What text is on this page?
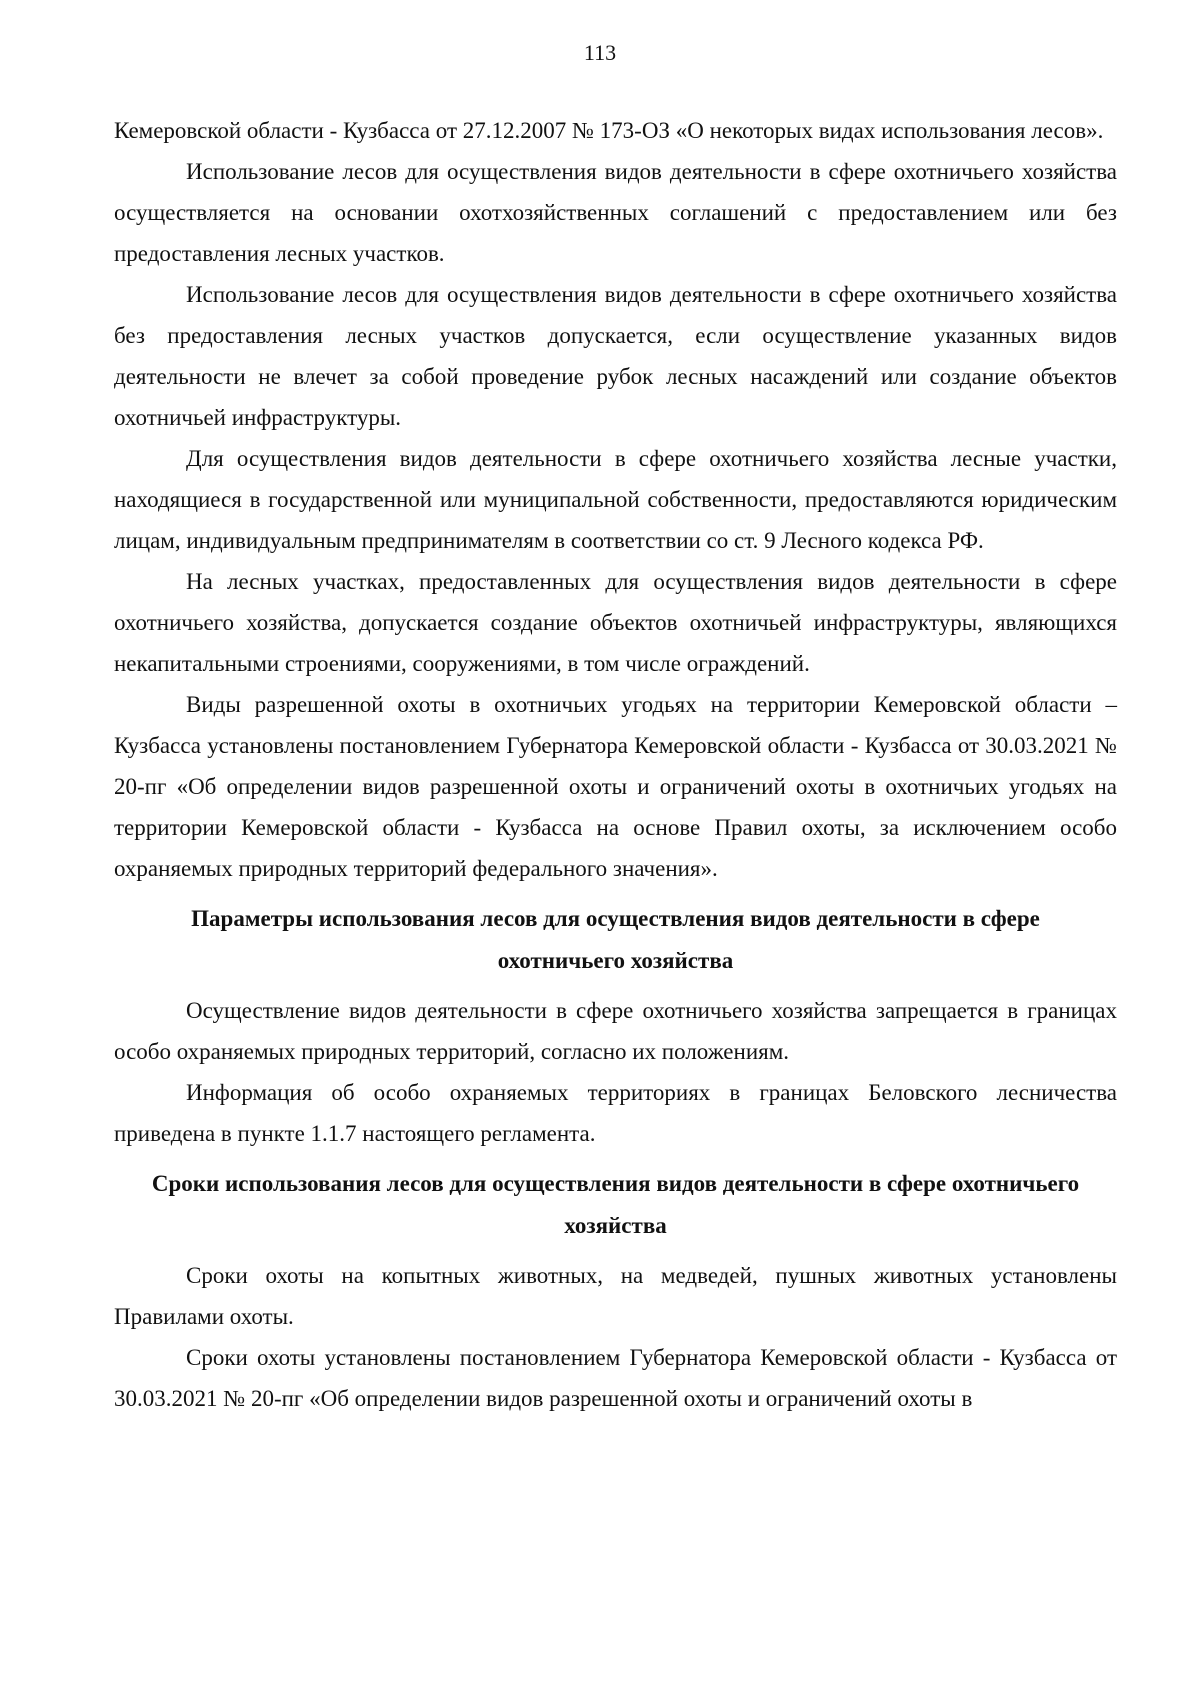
113

Кемеровской области - Кузбасса от 27.12.2007 № 173-ОЗ «О некоторых видах использования лесов».

Использование лесов для осуществления видов деятельности в сфере охотничьего хозяйства осуществляется на основании охотхозяйственных соглашений с предоставлением или без предоставления лесных участков.

Использование лесов для осуществления видов деятельности в сфере охотничьего хозяйства без предоставления лесных участков допускается, если осуществление указанных видов деятельности не влечет за собой проведение рубок лесных насаждений или создание объектов охотничьей инфраструктуры.

Для осуществления видов деятельности в сфере охотничьего хозяйства лесные участки, находящиеся в государственной или муниципальной собственности, предоставляются юридическим лицам, индивидуальным предпринимателям в соответствии со ст. 9 Лесного кодекса РФ.

На лесных участках, предоставленных для осуществления видов деятельности в сфере охотничьего хозяйства, допускается создание объектов охотничьей инфраструктуры, являющихся некапитальными строениями, сооружениями, в том числе ограждений.

Виды разрешенной охоты в охотничьих угодьях на территории Кемеровской области – Кузбасса установлены постановлением Губернатора Кемеровской области - Кузбасса от 30.03.2021 № 20-пг «Об определении видов разрешенной охоты и ограничений охоты в охотничьих угодьях на территории Кемеровской области - Кузбасса на основе Правил охоты, за исключением особо охраняемых природных территорий федерального значения».

Параметры использования лесов для осуществления видов деятельности в сфере охотничьего хозяйства

Осуществление видов деятельности в сфере охотничьего хозяйства запрещается в границах особо охраняемых природных территорий, согласно их положениям.

Информация об особо охраняемых территориях в границах Беловского лесничества приведена в пункте 1.1.7 настоящего регламента.

Сроки использования лесов для осуществления видов деятельности в сфере охотничьего хозяйства

Сроки охоты на копытных животных, на медведей, пушных животных установлены Правилами охоты.

Сроки охоты установлены постановлением Губернатора Кемеровской области - Кузбасса от 30.03.2021 № 20-пг «Об определении видов разрешенной охоты и ограничений охоты в
